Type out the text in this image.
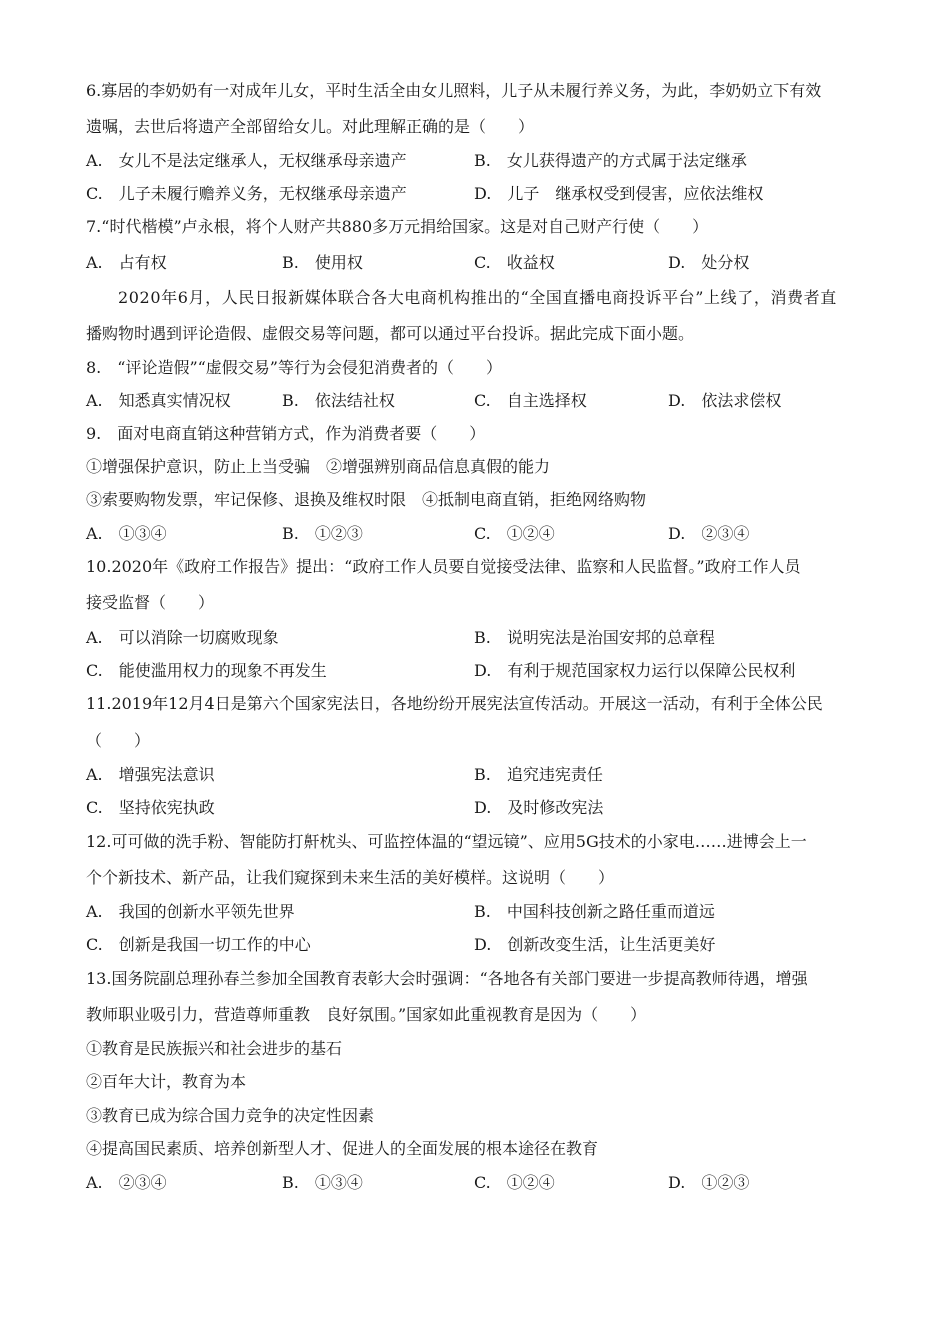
6.寡居的李奶奶有一对成年儿女，平时生活全由女儿照料，儿子从未履行养义务，为此，李奶奶立下有效
遗嘱，去世后将遗产全部留给女儿。对此理解正确的是（　　）
A.　女儿不是法定继承人，无权继承母亲遗产	B.　女儿获得遗产的方式属于法定继承
C.　儿子未履行赡养义务，无权继承母亲遗产	D.　儿子　继承权受到侵害，应依法维权
7.“时代楷模”卢永根，将个人财产共880多万元捐给国家。这是对自己财产行使（　　）
A.　占有权	B.　使用权	C.　收益权	D.　处分权
2020年6月，人民日报新媒体联合各大电商机构推出的“全国直播电商投诉平台”上线了，消费者直
播购物时遇到评论造假、虚假交易等问题，都可以通过平台投诉。据此完成下面小题。
8.　“评论造假”“虚假交易”等行为会侵犯消费者的（　　）
A.　知悉真实情况权	B.　依法结社权	C.　自主选择权	D.　依法求偿权
9.　面对电商直销这种营销方式，作为消费者要（　　）
①增强保护意识，防止上当受骗　②增强辨别商品信息真假的能力
③索要购物发票，牢记保修、退换及维权时限　④抵制电商直销，拒绝网络购物
A.　①③④	B.　①②③	C.　①②④	D.　②③④
10.2020年《政府工作报告》提出：“政府工作人员要自觉接受法律、监察和人民监督。”政府工作人员
接受监督（　　）
A.　可以消除一切腐败现象	B.　说明宪法是治国安邦的总章程
C.　能使滥用权力的现象不再发生	D.　有利于规范国家权力运行以保障公民权利
11.2019年12月4日是第六个国家宪法日，各地纷纷开展宪法宣传活动。开展这一活动，有利于全体公民
（　　）
A.　增强宪法意识	B.　追究违宪责任
C.　坚持依宪执政	D.　及时修改宪法
12.可可做的洗手粉、智能防打鼾枕头、可监控体温的“望远镜”、应用5G技术的小家电……进博会上一
个个新技术、新产品，让我们窥探到未来生活的美好模样。这说明（　　）
A.　我国的创新水平领先世界	B.　中国科技创新之路任重而道远
C.　创新是我国一切工作的中心	D.　创新改变生活，让生活更美好
13.国务院副总理孙春兰参加全国教育表彰大会时强调：“各地各有关部门要进一步提高教师待遇，增强
教师职业吸引力，营造尊师重教　良好氛围。”国家如此重视教育是因为（　　）
①教育是民族振兴和社会进步的基石
②百年大计，教育为本
③教育已成为综合国力竞争的决定性因素
④提高国民素质、培养创新型人才、促进人的全面发展的根本途径在教育
A.　②③④	B.　①③④	C.　①②④	D.　①②③
